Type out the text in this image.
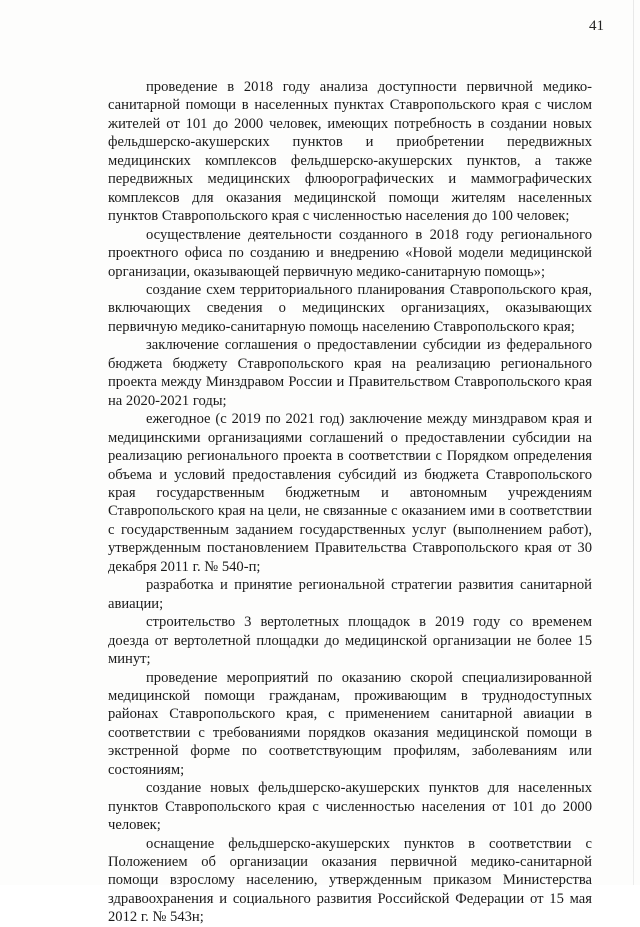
41

проведение в 2018 году анализа доступности первичной медико-санитарной помощи в населенных пунктах Ставропольского края с числом жителей от 101 до 2000 человек, имеющих потребность в создании новых фельдшерско-акушерских пунктов и приобретении передвижных медицинских комплексов фельдшерско-акушерских пунктов, а также передвижных медицинских флюорографических и маммографических комплексов для оказания медицинской помощи жителям населенных пунктов Ставропольского края с численностью населения до 100 человек;

осуществление деятельности созданного в 2018 году регионального проектного офиса по созданию и внедрению «Новой модели медицинской организации, оказывающей первичную медико-санитарную помощь»;

создание схем территориального планирования Ставропольского края, включающих сведения о медицинских организациях, оказывающих первичную медико-санитарную помощь населению Ставропольского края;

заключение соглашения о предоставлении субсидии из федерального бюджета бюджету Ставропольского края на реализацию регионального проекта между Минздравом России и Правительством Ставропольского края на 2020-2021 годы;

ежегодное (с 2019 по 2021 год) заключение между минздравом края и медицинскими организациями соглашений о предоставлении субсидии на реализацию регионального проекта в соответствии с Порядком определения объема и условий предоставления субсидий из бюджета Ставропольского края государственным бюджетным и автономным учреждениям Ставропольского края на цели, не связанные с оказанием ими в соответствии с государственным заданием государственных услуг (выполнением работ), утвержденным постановлением Правительства Ставропольского края от 30 декабря 2011 г. № 540-п;

разработка и принятие региональной стратегии развития санитарной авиации;

строительство 3 вертолетных площадок в 2019 году со временем доезда от вертолетной площадки до медицинской организации не более 15 минут;

проведение мероприятий по оказанию скорой специализированной медицинской помощи гражданам, проживающим в труднодоступных районах Ставропольского края, с применением санитарной авиации в соответствии с требованиями порядков оказания медицинской помощи в экстренной форме по соответствующим профилям, заболеваниям или состояниям;

создание новых фельдшерско-акушерских пунктов для населенных пунктов Ставропольского края с численностью населения от 101 до 2000 человек;

оснащение фельдшерско-акушерских пунктов в соответствии с Положением об организации оказания первичной медико-санитарной помощи взрослому населению, утвержденным приказом Министерства здравоохранения и социального развития Российской Федерации от 15 мая 2012 г. № 543н;
